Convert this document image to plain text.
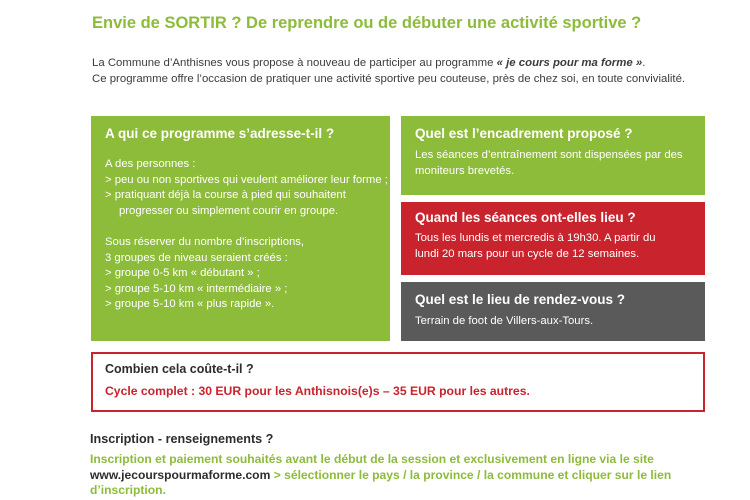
Envie de SORTIR ? De reprendre ou de débuter une activité sportive ?

La Commune d’Anthisnes vous propose à nouveau de participer au programme « je cours pour ma forme ».

Ce programme offre l’occasion de pratiquer une activité sportive peu couteuse, près de chez soi, en toute convivialité.

A qui ce programme s’adresse-t-il ?

A des personnes :

> peu ou non sportives qui veulent améliorer leur forme ;

> pratiquant déjà la course à pied qui souhaitent

progresser ou simplement courir en groupe.

Sous réserver du nombre d’inscriptions,

3 groupes de niveau seraient créés :

> groupe 0-5 km « débutant » ;

> groupe 5-10 km « intermédiaire » ;

> groupe 5-10 km « plus rapide ».

Quel est l’encadrement proposé ?

Les séances d’entraînement sont dispensées par des

moniteurs brevetés.

Quand les séances ont-elles lieu ?

Tous les lundis et mercredis à 19h30. A partir du

lundi 20 mars pour un cycle de 12 semaines.

Quel est le lieu de rendez-vous ?

Terrain de foot de Villers-aux-Tours.

Combien cela coûte-t-il ?
Cycle complet : 30 EUR pour les Anthisnois(e)s – 35 EUR pour les autres.
Inscription - renseignements ?

Inscription et paiement souhaités avant le début de la session et exclusivement en ligne via le site

www.jecourspourmaforme.com > sélectionner le pays / la province / la commune et cliquer sur le lien

d’inscription.
